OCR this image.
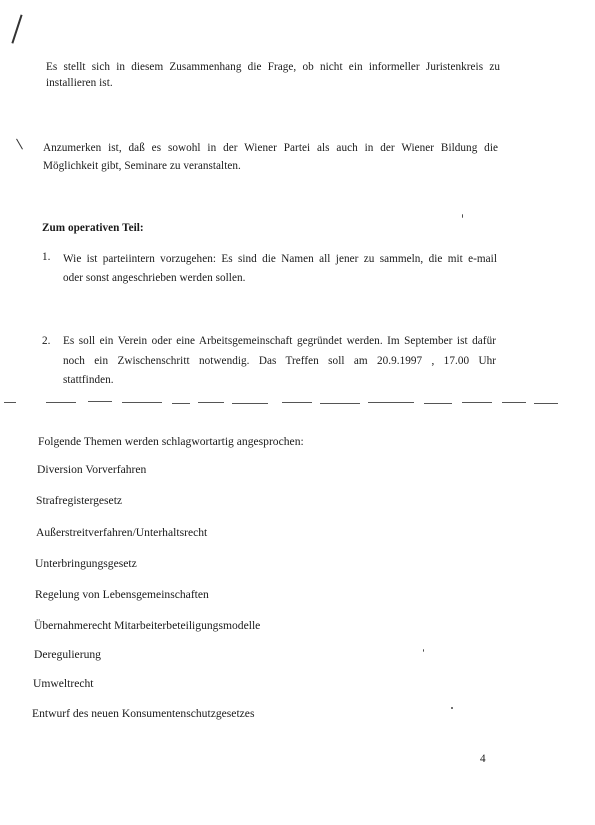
Es stellt sich in diesem Zusammenhang die Frage, ob nicht ein informeller Juristenkreis zu
installieren ist.
Anzumerken ist, daß es sowohl in der Wiener Partei als auch in der Wiener Bildung die
Möglichkeit gibt, Seminare zu veranstalten.
Zum operativen Teil:
1. Wie ist parteiintern vorzugehen: Es sind die Namen all jener zu sammeln, die mit e-mail
oder sonst angeschrieben werden sollen.
2. Es soll ein Verein oder eine Arbeitsgemeinschaft gegründet werden. Im September ist dafür
noch ein Zwischenschritt notwendig. Das Treffen soll am 20.9.1997 , 17.00 Uhr
stattfinden.
Folgende Themen werden schlagwortartig angesprochen:
Diversion Vorverfahren
Strafregistergesetz
Außerstreitverfahren/Unterhaltsrecht
Unterbringungsgesetz
Regelung von Lebensgemeinschaften
Übernahmerecht Mitarbeiterbeteiligungsmodelle
Deregulierung
Umweltrecht
Entwurf des neuen Konsumentenschutzgesetzes
4
